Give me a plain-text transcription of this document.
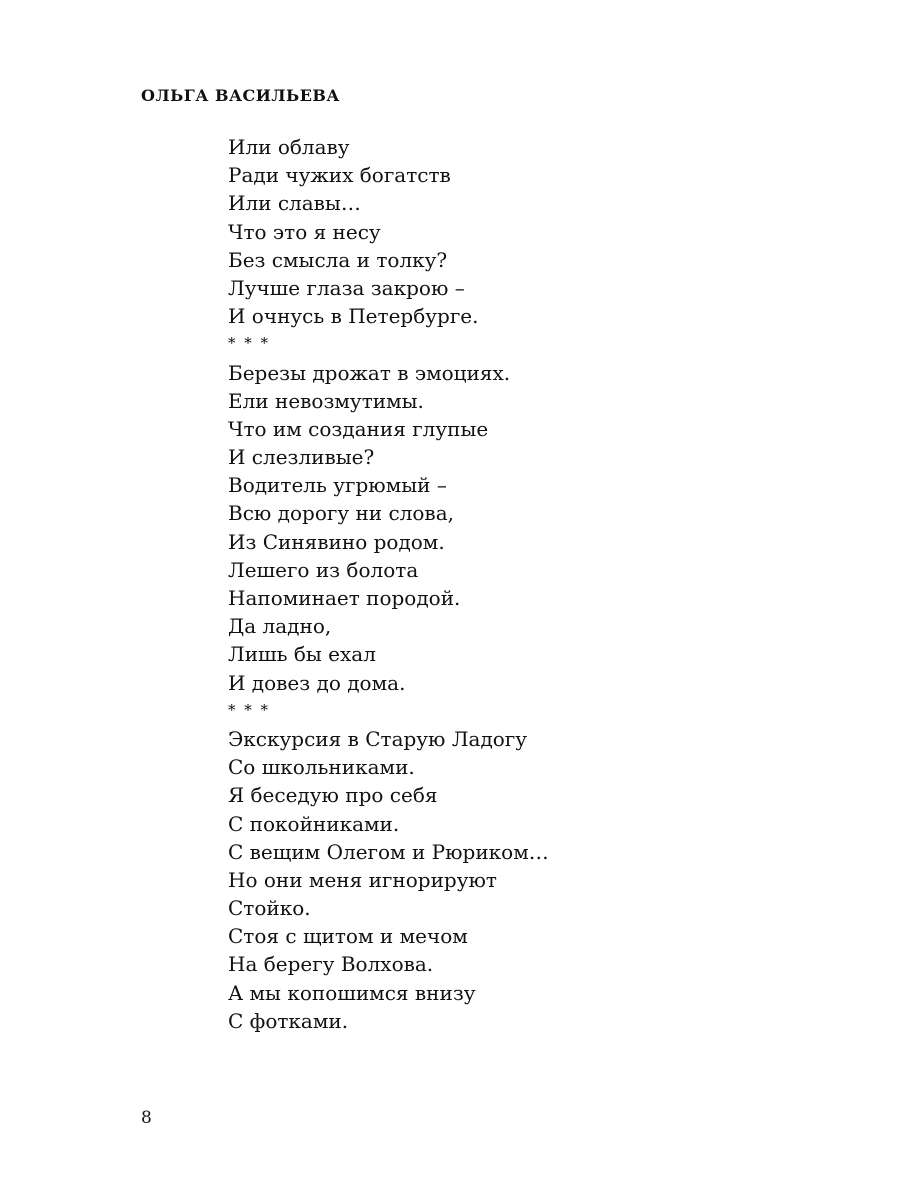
ОЛЬГА ВАСИЛЬЕВА
Или облаву
Ради чужих богатств
Или славы…
Что это я несу
Без смысла и толку?
Лучше глаза закрою –
И очнусь в Петербурге.
* * *
Березы дрожат в эмоциях.
Ели невозмутимы.
Что им создания глупые
И слезливые?
Водитель угрюмый –
Всю дорогу ни слова,
Из Синявино родом.
Лешего из болота
Напоминает породой.
Да ладно,
Лишь бы ехал
И довез до дома.
* * *
Экскурсия в Старую Ладогу
Со школьниками.
Я беседую про себя
С покойниками.
С вещим Олегом и Рюриком…
Но они меня игнорируют
Стойко.
Стоя с щитом и мечом
На берегу Волхова.
А мы копошимся внизу
С фотками.
8
